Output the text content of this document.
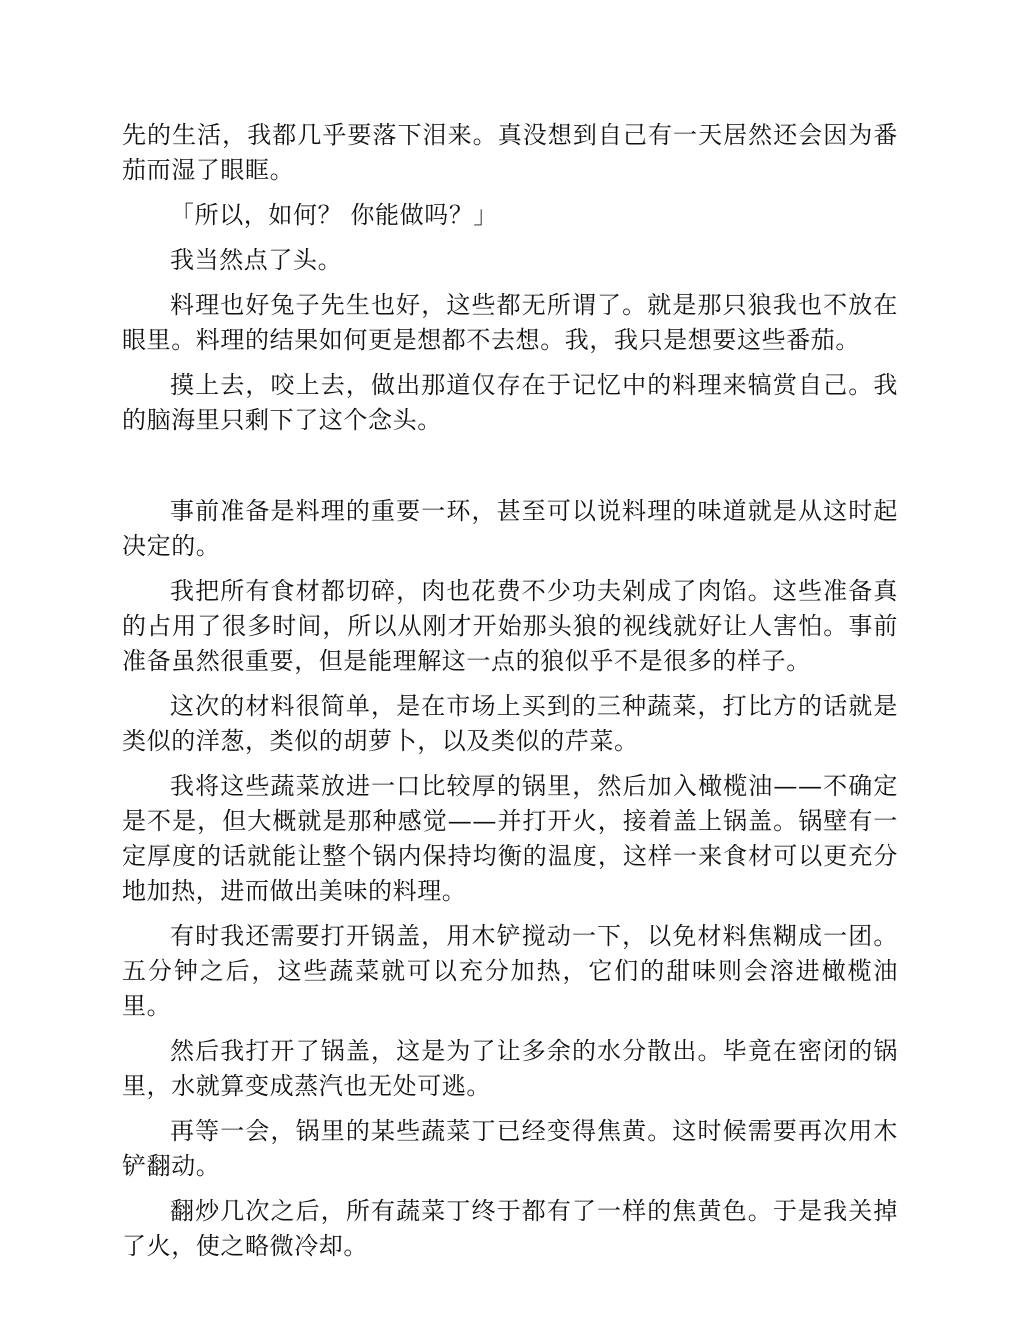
先的生活，我都几乎要落下泪来。真没想到自己有一天居然还会因为番茄而湿了眼眶。

「所以，如何？ 你能做吗？」

我当然点了头。

料理也好兔子先生也好，这些都无所谓了。就是那只狼我也不放在眼里。料理的结果如何更是想都不去想。我，我只是想要这些番茄。

摸上去，咬上去，做出那道仅存在于记忆中的料理来犒赏自己。我的脑海里只剩下了这个念头。

事前准备是料理的重要一环，甚至可以说料理的味道就是从这时起决定的。

我把所有食材都切碎，肉也花费不少功夫剁成了肉馅。这些准备真的占用了很多时间，所以从刚才开始那头狼的视线就好让人害怕。事前准备虽然很重要，但是能理解这一点的狼似乎不是很多的样子。

这次的材料很简单，是在市场上买到的三种蔬菜，打比方的话就是类似的洋葱，类似的胡萝卜，以及类似的芹菜。

我将这些蔬菜放进一口比较厚的锅里，然后加入橄榄油——不确定是不是，但大概就是那种感觉——并打开火，接着盖上锅盖。锅壁有一定厚度的话就能让整个锅内保持均衡的温度，这样一来食材可以更充分地加热，进而做出美味的料理。

有时我还需要打开锅盖，用木铲搅动一下，以免材料焦糊成一团。五分钟之后，这些蔬菜就可以充分加热，它们的甜味则会溶进橄榄油里。

然后我打开了锅盖，这是为了让多余的水分散出。毕竟在密闭的锅里，水就算变成蒸汽也无处可逃。

再等一会，锅里的某些蔬菜丁已经变得焦黄。这时候需要再次用木铲翻动。

翻炒几次之后，所有蔬菜丁终于都有了一样的焦黄色。于是我关掉了火，使之略微冷却。
